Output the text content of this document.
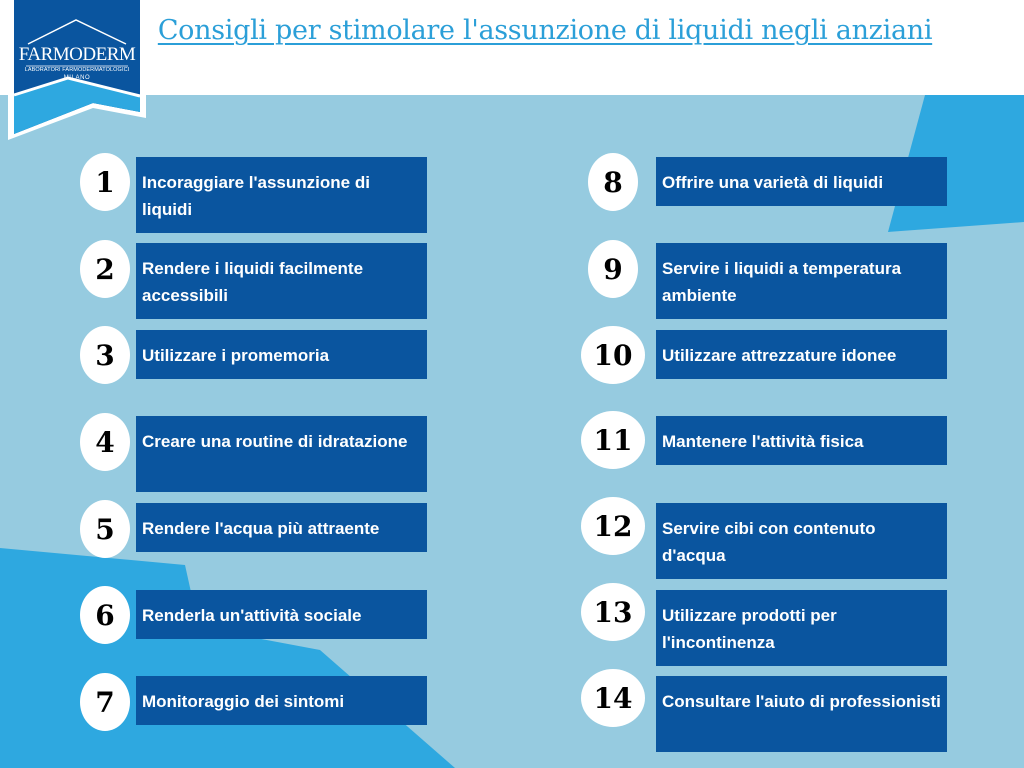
Consigli per stimolare l'assunzione di liquidi negli anziani
FARMODERM
LABORATORI FARMODERMATOLOGICI
MILANO
1	Incoraggiare l'assunzione di liquidi
2	Rendere i liquidi facilmente accessibili
3	Utilizzare i promemoria
4	Creare una routine di idratazione
5	Rendere l'acqua più attraente
6	Renderla un'attività sociale
7	Monitoraggio dei sintomi
8	Offrire una varietà di liquidi
9	Servire i liquidi a temperatura ambiente
10	Utilizzare attrezzature idonee
11	Mantenere l'attività fisica
12	Servire cibi con contenuto d'acqua
13	Utilizzare prodotti per l'incontinenza
14	Consultare l'aiuto di professionisti
